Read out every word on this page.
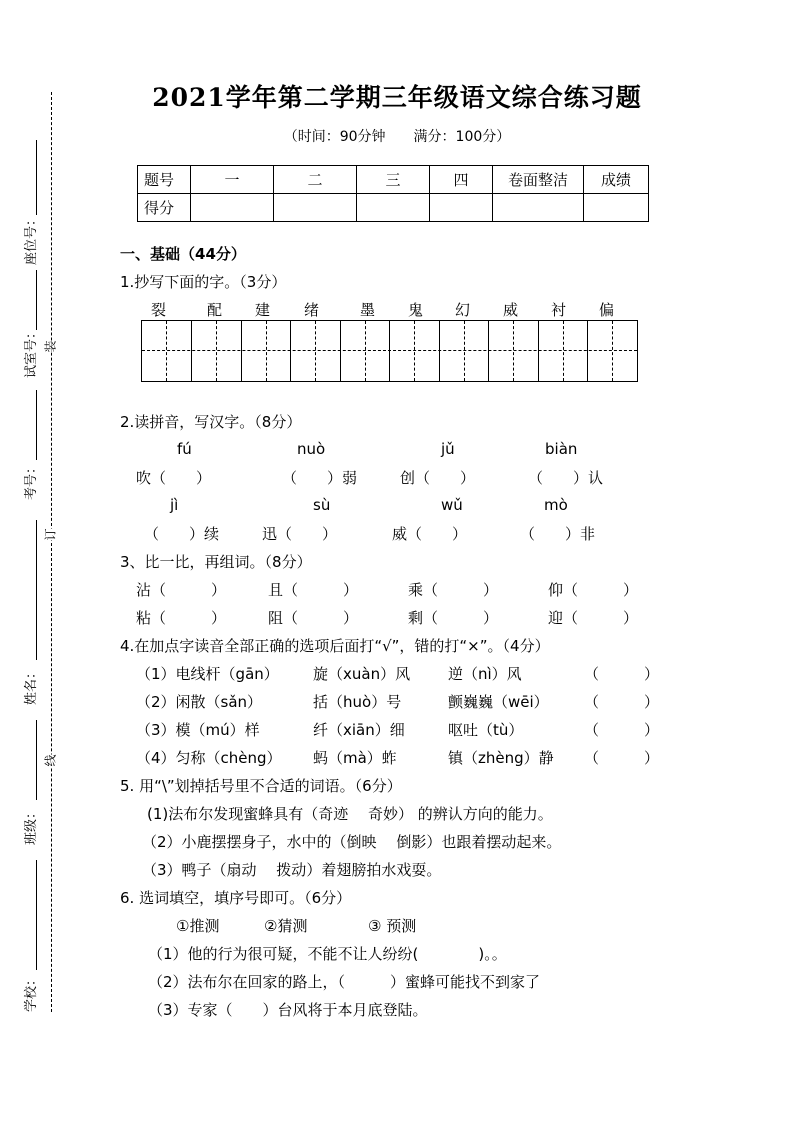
装
订
线
座位号：
试室号：
考号：
姓名：
班级：
学校：
2021学年第二学期三年级语文综合练习题
（时间：90分钟　　满分：100分）
题号	一	二	三	四	卷面整洁	成绩
得分						
一、基础（44分）
1.抄写下面的字。（3分）
裂	配 建 绪	墨 鬼 幻 威 衬 偏
2.读拼音，写汉字。（8分）
fú	nuò	jǔ	biàn
吹（　　）	（　　）弱	创（　　）	（　　）认
jì	sù	wǔ	mò
（　　）续	迅（　　）	威（　　）	（　　）非
3、比一比，再组词。（8分）
沾（　　　）	且（　　　）	乘（　　　）	仰（　　　）
粘（　　　）	阻（　　　）	剩（　　　）	迎（　　　）
4.在加点字读音全部正确的选项后面打“√”，错的打“×”。（4分）
（1）电线杆（gān） 旋（xuàn）风	逆（nì）风	（　　　）
（2）闲散（sǎn）	括（huò）号	颤巍巍（wēi） （　　　）
（3）模（mú）样	纤（xiān）细	呕吐（tù）	（　　　）
（4）匀称（chèng） 蚂（mà）蚱	镇（zhèng）静 （　　　）
5. 用“\”划掉括号里不合适的词语。（6分）
(1)法布尔发现蜜蜂具有（奇迹　 奇妙） 的辨认方向的能力。
（2）小鹿摆摆身子，水中的（倒映　 倒影）也跟着摆动起来。
（3）鸭子（扇动　 拨动）着翅膀拍水戏耍。
6. 选词填空，填序号即可。（6分）
①推测	②猜测	③ 预测
（1）他的行为很可疑，不能不让人纷纷(　　　　)。。
（2）法布尔在回家的路上，（　　　）蜜蜂可能找不到家了
（3）专家（　　）台风将于本月底登陆。
